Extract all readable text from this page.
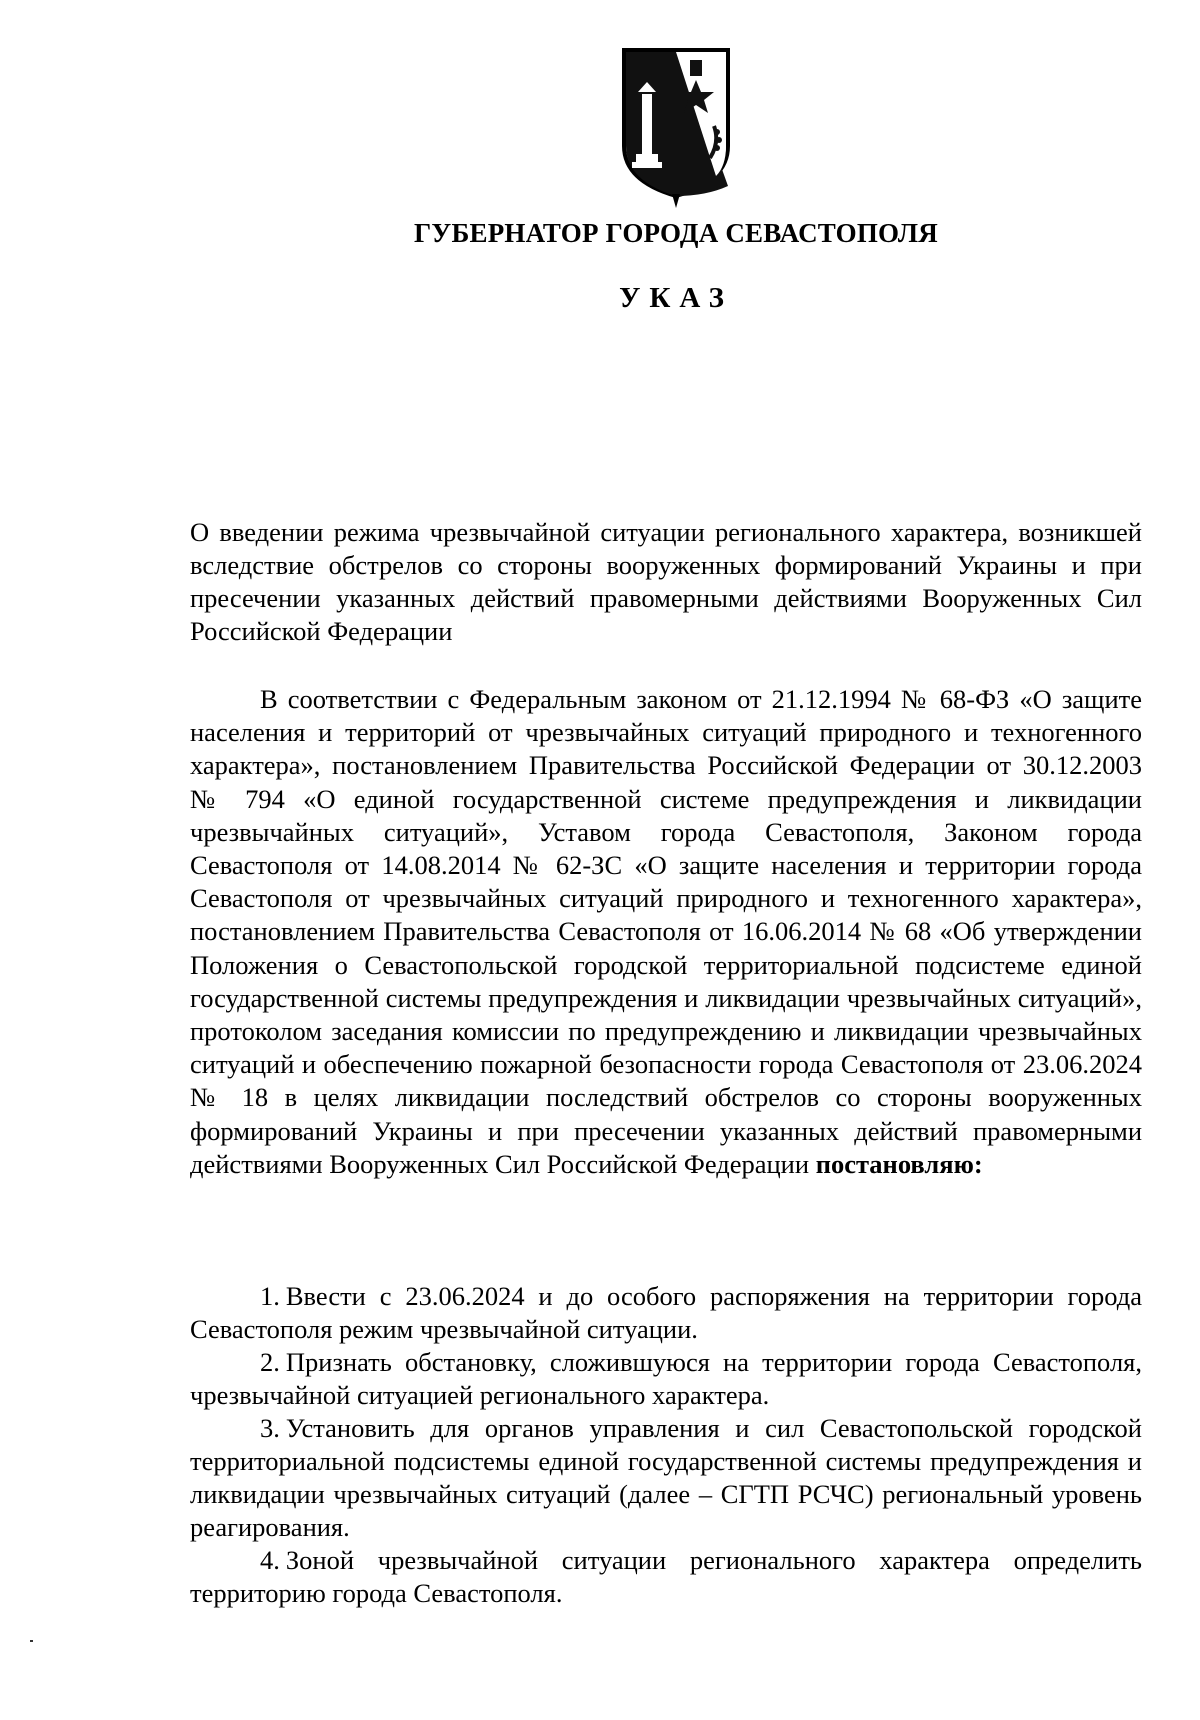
ГУБЕРНАТОР ГОРОДА СЕВАСТОПОЛЯ
УКАЗ
О введении режима чрезвычайной ситуации регионального характера, возникшей вследствие обстрелов со стороны вооруженных формирований Украины и при пресечении указанных действий правомерными действиями Вооруженных Сил Российской Федерации

В соответствии с Федеральным законом от 21.12.1994 № 68-ФЗ «О защите населения и территорий от чрезвычайных ситуаций природного и техногенного характера», постановлением Правительства Российской Федерации от 30.12.2003 № 794 «О единой государственной системе предупреждения и ликвидации чрезвычайных ситуаций», Уставом города Севастополя, Законом города Севастополя от 14.08.2014 № 62-ЗС «О защите населения и территории города Севастополя от чрезвычайных ситуаций природного и техногенного характера», постановлением Правительства Севастополя от 16.06.2014 № 68 «Об утверждении Положения о Севастопольской городской территориальной подсистеме единой государственной системы предупреждения и ликвидации чрезвычайных ситуаций», протоколом заседания комиссии по предупреждению и ликвидации чрезвычайных ситуаций и обеспечению пожарной безопасности города Севастополя от 23.06.2024 № 18 в целях ликвидации последствий обстрелов со стороны вооруженных формирований Украины и при пресечении указанных действий правомерными действиями Вооруженных Сил Российской Федерации постановляю:

1. Ввести с 23.06.2024 и до особого распоряжения на территории города Севастополя режим чрезвычайной ситуации.

2. Признать обстановку, сложившуюся на территории города Севастополя, чрезвычайной ситуацией регионального характера.

3. Установить для органов управления и сил Севастопольской городской территориальной подсистемы единой государственной системы предупреждения и ликвидации чрезвычайных ситуаций (далее – СГТП РСЧС) региональный уровень реагирования.

4. Зоной чрезвычайной ситуации регионального характера определить территорию города Севастополя.
